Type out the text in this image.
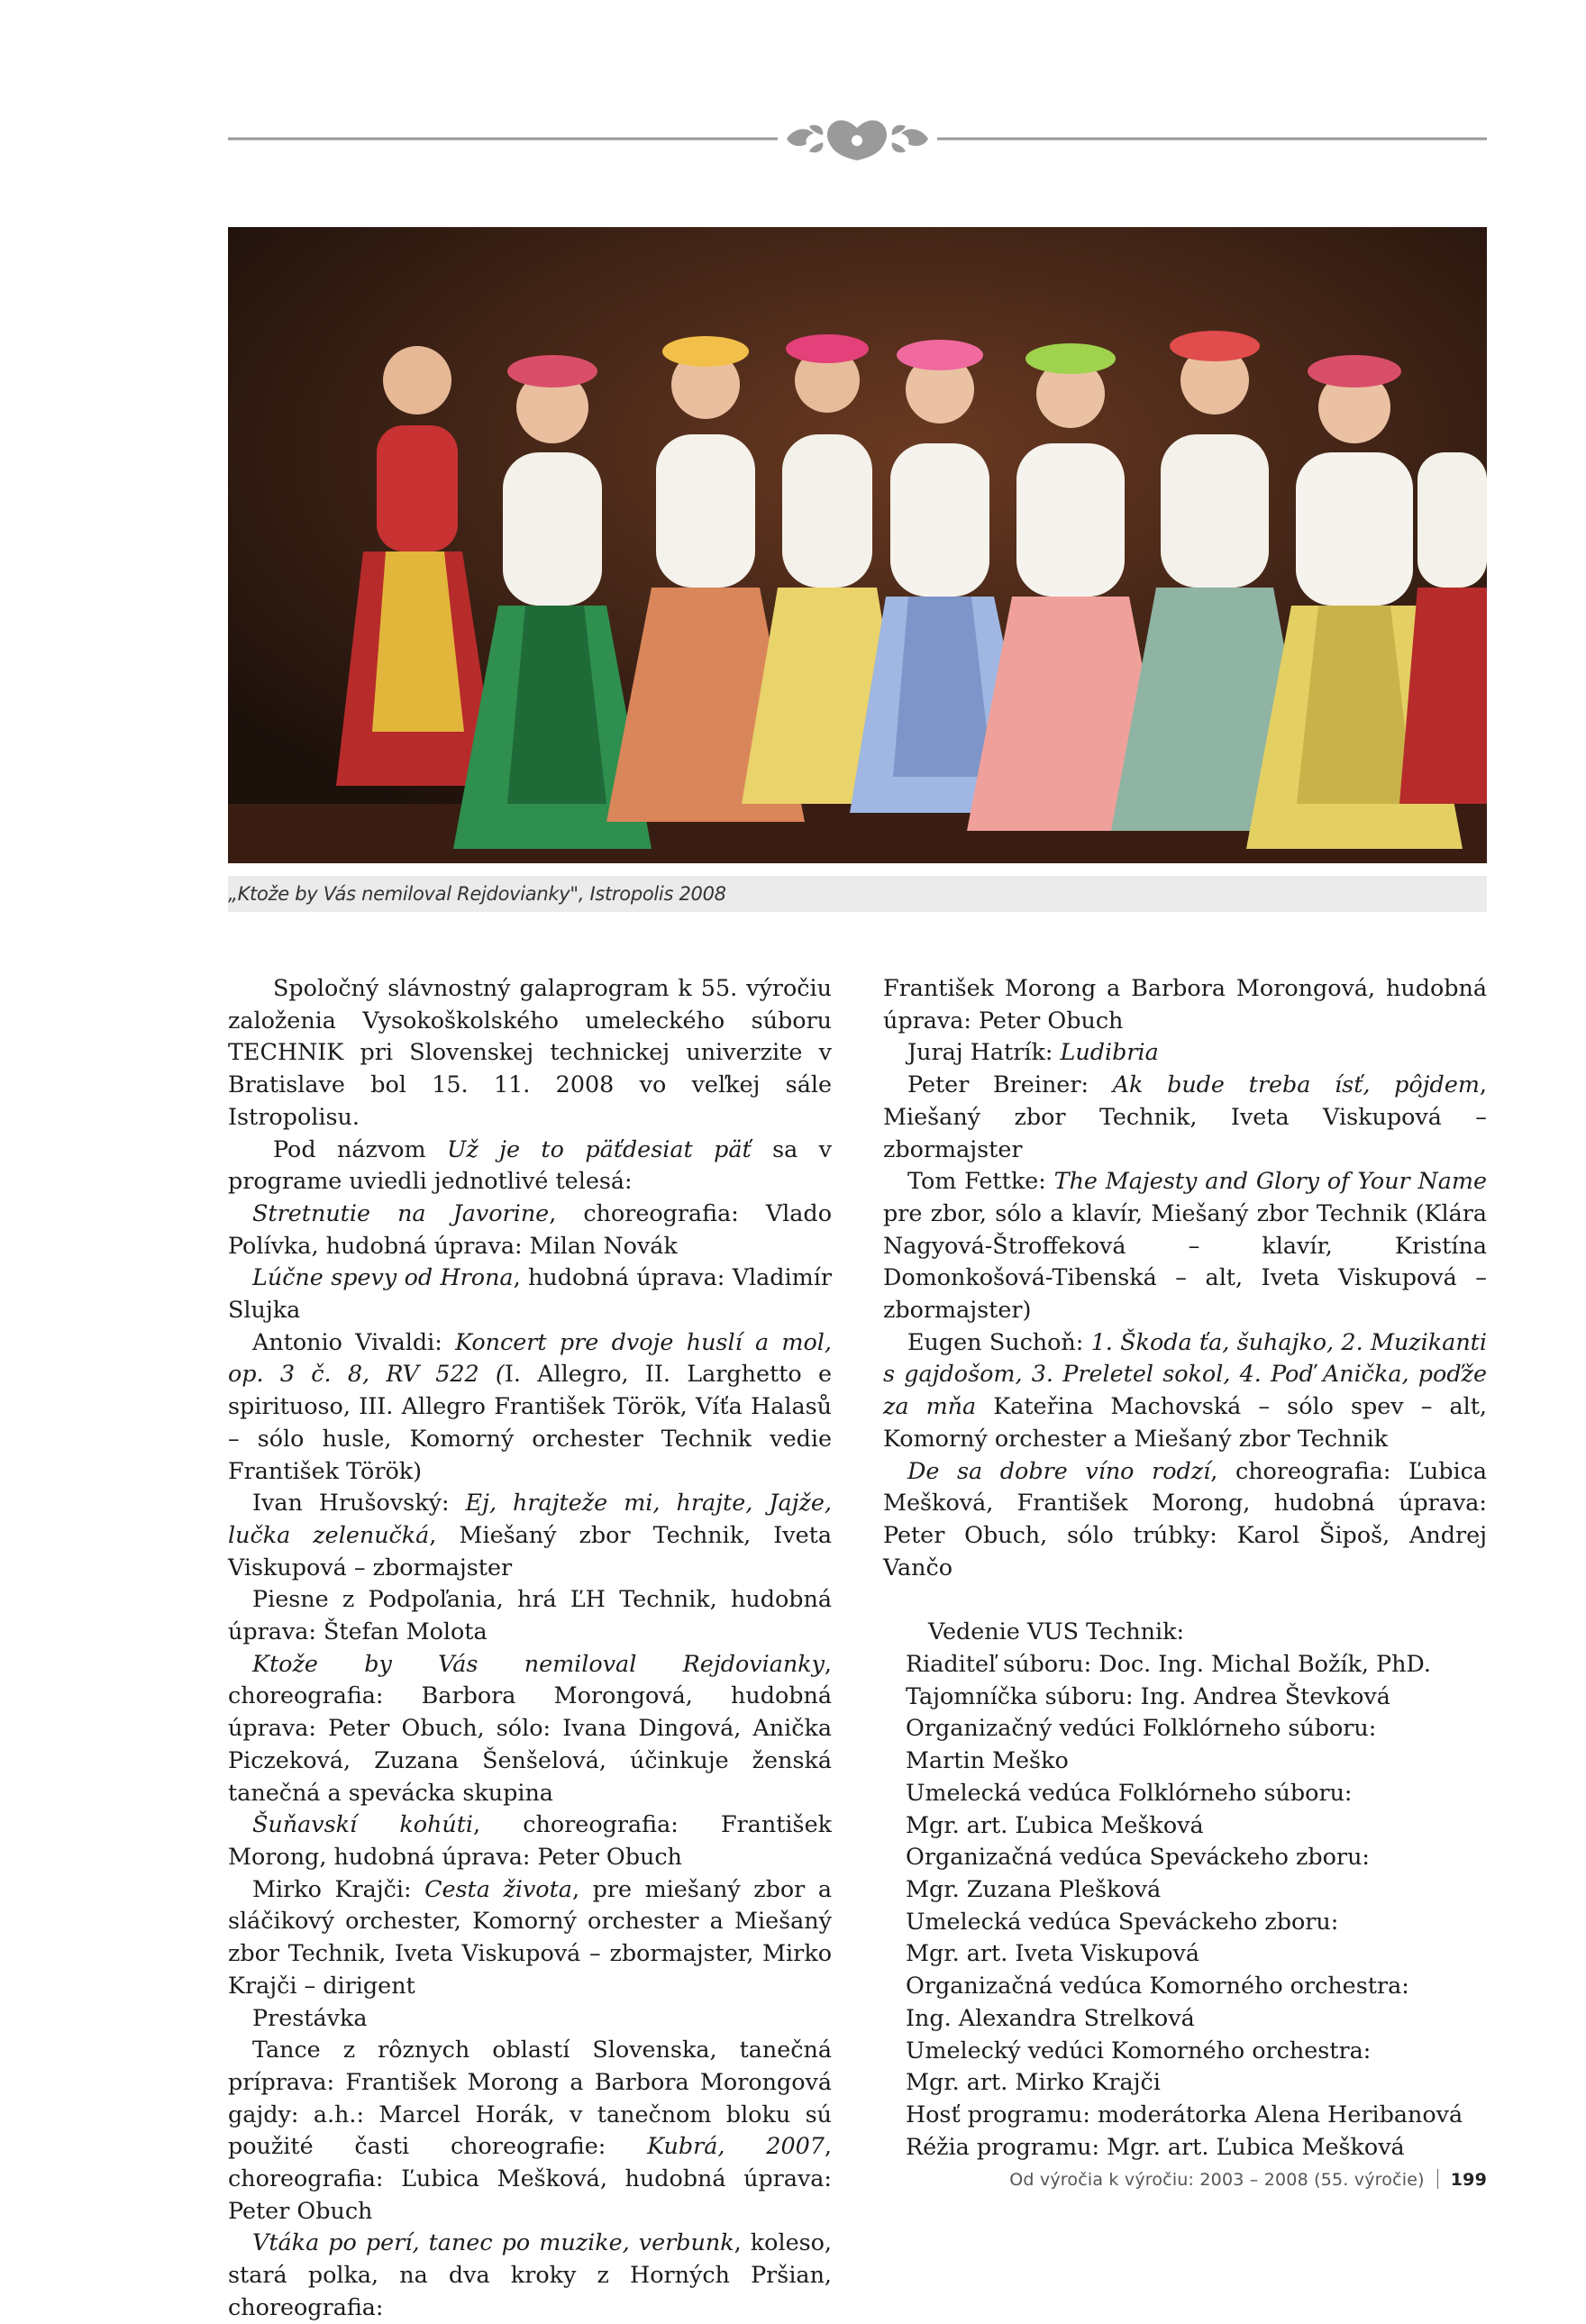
„Ktože by Vás nemiloval Rejdovianky", Istropolis 2008

Spoločný slávnostný galaprogram k 55. výročiu založenia Vysokoškolského umeleckého súboru TECHNIK pri Slovenskej technickej univerzite v Bratislave bol 15. 11. 2008 vo veľkej sále Istropolisu.

Pod názvom Už je to päťdesiat päť sa v programe uviedli jednotlivé telesá:

Stretnutie na Javorine, choreografia: Vlado Polívka, hudobná úprava: Milan Novák

Lúčne spevy od Hrona, hudobná úprava: Vladimír Slujka

Antonio Vivaldi: Koncert pre dvoje huslí a mol, op. 3 č. 8, RV 522 (I. Allegro, II. Larghetto e spirituoso, III. Allegro František Török, Víťa Halasů – sólo husle, Komorný orchester Technik vedie František Török)

Ivan Hrušovský: Ej, hrajteže mi, hrajte, Jajže, lučka zelenučká, Miešaný zbor Technik, Iveta Viskupová – zbormajster

Piesne z Podpoľania, hrá ĽH Technik, hudobná úprava: Štefan Molota

Ktože by Vás nemiloval Rejdovianky, choreografia: Barbora Morongová, hudobná úprava: Peter Obuch, sólo: Ivana Dingová, Anička Piczeková, Zuzana Šenšelová, účinkuje ženská tanečná a spevácka skupina

Šuňavskí kohúti, choreografia: František Morong, hudobná úprava: Peter Obuch

Mirko Krajči: Cesta života, pre miešaný zbor a sláčikový orchester, Komorný orchester a Miešaný zbor Technik, Iveta Viskupová – zbormajster, Mirko Krajči – dirigent

Prestávka

Tance z rôznych oblastí Slovenska, tanečná príprava: František Morong a Barbora Morongová gajdy: a.h.: Marcel Horák, v tanečnom bloku sú použité časti choreografie: Kubrá, 2007, choreografia: Ľubica Mešková, hudobná úprava: Peter Obuch

Vtáka po perí, tanec po muzike, verbunk, koleso, stará polka, na dva kroky z Horných Pršian, choreografia:

František Morong a Barbora Morongová, hudobná úprava: Peter Obuch

Juraj Hatrík: Ludibria

Peter Breiner: Ak bude treba ísť, pôjdem, Miešaný zbor Technik, Iveta Viskupová – zbormajster

Tom Fettke: The Majesty and Glory of Your Name pre zbor, sólo a klavír, Miešaný zbor Technik (Klára Nagyová-Štroffeková – klavír, Kristína Domonkošová-Tibenská – alt, Iveta Viskupová – zbormajster)

Eugen Suchoň: 1. Škoda ťa, šuhajko, 2. Muzikanti s gajdošom, 3. Preletel sokol, 4. Poď Anička, poďže za mňa Kateřina Machovská – sólo spev – alt, Komorný orchester a Miešaný zbor Technik

De sa dobre víno rodzí, choreografia: Ľubica Mešková, František Morong, hudobná úprava: Peter Obuch, sólo trúbky: Karol Šipoš, Andrej Vančo

Vedenie VUS Technik:

Riaditeľ súboru: Doc. Ing. Michal Božík, PhD.

Tajomníčka súboru: Ing. Andrea Števková

Organizačný vedúci Folklórneho súboru:

Martin Meško

Umelecká vedúca Folklórneho súboru:

Mgr. art. Ľubica Mešková

Organizačná vedúca Speváckeho zboru:

Mgr. Zuzana Plešková

Umelecká vedúca Speváckeho zboru:

Mgr. art. Iveta Viskupová

Organizačná vedúca Komorného orchestra:

Ing. Alexandra Strelková

Umelecký vedúci Komorného orchestra:

Mgr. art. Mirko Krajči

Hosť programu: moderátorka Alena Heribanová

Réžia programu: Mgr. art. Ľubica Mešková

Od výročia k výročiu: 2003 – 2008 (55. výročie) 199
